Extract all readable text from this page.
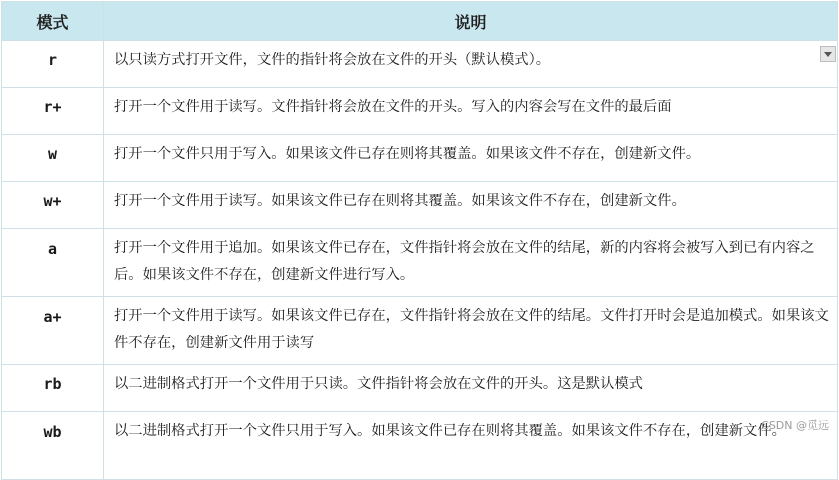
模式	说明
r	以只读方式打开文件，文件的指针将会放在文件的开头（默认模式）。
r+	打开一个文件用于读写。文件指针将会放在文件的开头。写入的内容会写在文件的最后面
w	打开一个文件只用于写入。如果该文件已存在则将其覆盖。如果该文件不存在，创建新文件。
w+	打开一个文件用于读写。如果该文件已存在则将其覆盖。如果该文件不存在，创建新文件。
a	打开一个文件用于追加。如果该文件已存在，文件指针将会放在文件的结尾，新的内容将会被写入到已有内容之后。如果该文件不存在，创建新文件进行写入。
a+	打开一个文件用于读写。如果该文件已存在，文件指针将会放在文件的结尾。文件打开时会是追加模式。如果该文件不存在，创建新文件用于读写
rb	以二进制格式打开一个文件用于只读。文件指针将会放在文件的开头。这是默认模式
wb	以二进制格式打开一个文件只用于写入。如果该文件已存在则将其覆盖。如果该文件不存在，创建新文件。
CSDN @觅远
